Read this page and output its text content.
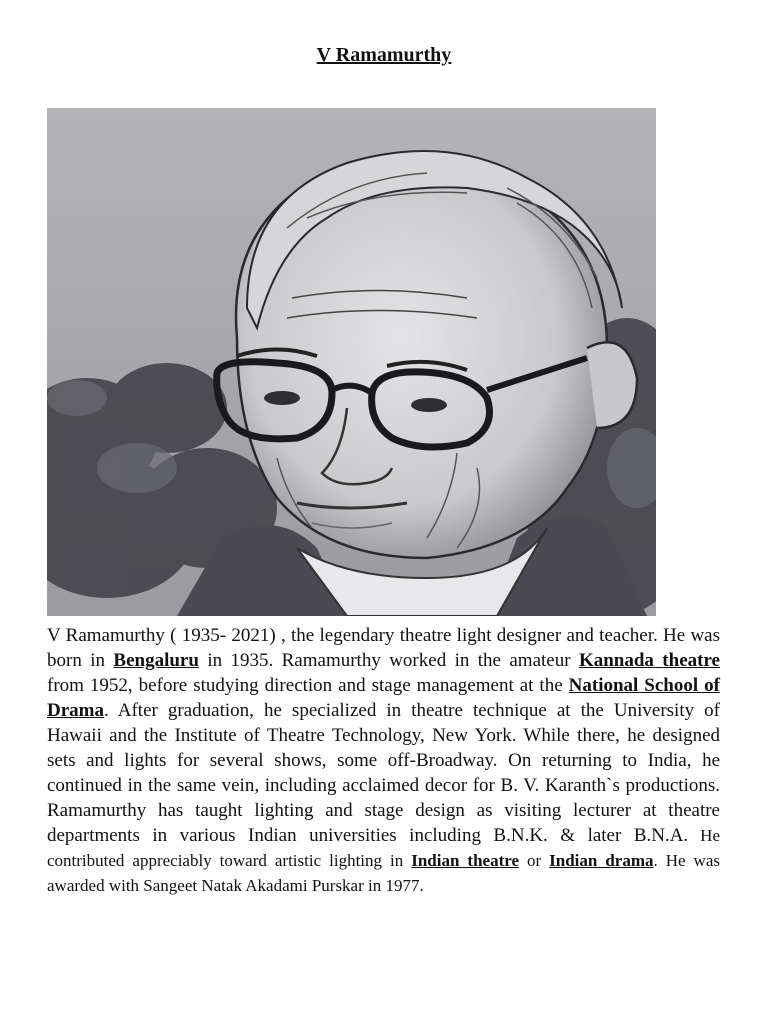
V Ramamurthy
V Ramamurthy ( 1935- 2021) , the legendary theatre light designer and teacher. He was born in Bengaluru in 1935. Ramamurthy worked in the amateur Kannada theatre from 1952, before studying direction and stage management at the National School of Drama. After graduation, he specialized in theatre technique at the University of Hawaii and the Institute of Theatre Technology, New York. While there, he designed sets and lights for several shows, some off-Broadway. On returning to India, he continued in the same vein, including acclaimed decor for B. V. Karanth`s productions. Ramamurthy has taught lighting and stage design as visiting lecturer at theatre departments in various Indian universities including B.N.K. & later B.N.A. He contributed appreciably toward artistic lighting in Indian theatre or Indian drama. He was awarded with Sangeet Natak Akadami Purskar in 1977.
